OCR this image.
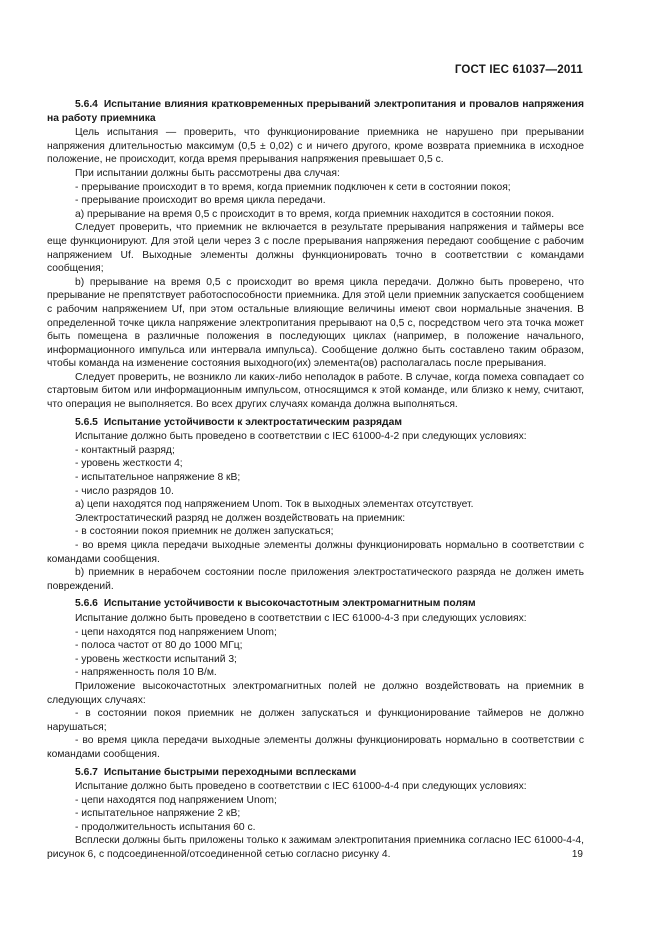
ГОСТ IEC 61037—2011

5.6.4 Испытание влияния кратковременных прерываний электропитания и провалов напряжения на работу приемника

Цель испытания — проверить, что функционирование приемника не нарушено при прерывании напряжения длительностью максимум (0,5 ± 0,02) с и ничего другого, кроме возврата приемника в исходное положение, не происходит, когда время прерывания напряжения превышает 0,5 с.

При испытании должны быть рассмотрены два случая:

- прерывание происходит в то время, когда приемник подключен к сети в состоянии покоя;

- прерывание происходит во время цикла передачи.

a) прерывание на время 0,5 с происходит в то время, когда приемник находится в состоянии покоя.

Следует проверить, что приемник не включается в результате прерывания напряжения и таймеры все еще функционируют. Для этой цели через 3 с после прерывания напряжения передают сообщение с рабочим напряжением Uf. Выходные элементы должны функционировать точно в соответствии с командами сообщения;

b) прерывание на время 0,5 с происходит во время цикла передачи. Должно быть проверено, что прерывание не препятствует работоспособности приемника. Для этой цели приемник запускается сообщением с рабочим напряжением Uf, при этом остальные влияющие величины имеют свои нормальные значения. В определенной точке цикла напряжение электропитания прерывают на 0,5 с, посредством чего эта точка может быть помещена в различные положения в последующих циклах (например, в положение начального, информационного импульса или интервала импульса). Сообщение должно быть составлено таким образом, чтобы команда на изменение состояния выходного(их) элемента(ов) располагалась после прерывания.

Следует проверить, не возникло ли каких-либо неполадок в работе. В случае, когда помеха совпадает со стартовым битом или информационным импульсом, относящимся к этой команде, или близко к нему, считают, что операция не выполняется. Во всех других случаях команда должна выполняться.

5.6.5 Испытание устойчивости к электростатическим разрядам

Испытание должно быть проведено в соответствии с IEC 61000-4-2 при следующих условиях:

- контактный разряд;

- уровень жесткости 4;

- испытательное напряжение 8 кВ;

- число разрядов 10.

a) цепи находятся под напряжением Unom. Ток в выходных элементах отсутствует.

Электростатический разряд не должен воздействовать на приемник:

- в состоянии покоя приемник не должен запускаться;

- во время цикла передачи выходные элементы должны функционировать нормально в соответствии с командами сообщения.

b) приемник в нерабочем состоянии после приложения электростатического разряда не должен иметь повреждений.

5.6.6 Испытание устойчивости к высокочастотным электромагнитным полям

Испытание должно быть проведено в соответствии с IEC 61000-4-3 при следующих условиях:

- цепи находятся под напряжением Unom;

- полоса частот от 80 до 1000 МГц;

- уровень жесткости испытаний 3;

- напряженность поля 10 В/м.

Приложение высокочастотных электромагнитных полей не должно воздействовать на приемник в следующих случаях:

- в состоянии покоя приемник не должен запускаться и функционирование таймеров не должно нарушаться;

- во время цикла передачи выходные элементы должны функционировать нормально в соответствии с командами сообщения.

5.6.7 Испытание быстрыми переходными всплесками

Испытание должно быть проведено в соответствии с IEC 61000-4-4 при следующих условиях:

- цепи находятся под напряжением Unom;

- испытательное напряжение 2 кВ;

- продолжительность испытания 60 с.

Всплески должны быть приложены только к зажимам электропитания приемника согласно IEC 61000-4-4, рисунок 6, с подсоединенной/отсоединенной сетью согласно рисунку 4.	19
